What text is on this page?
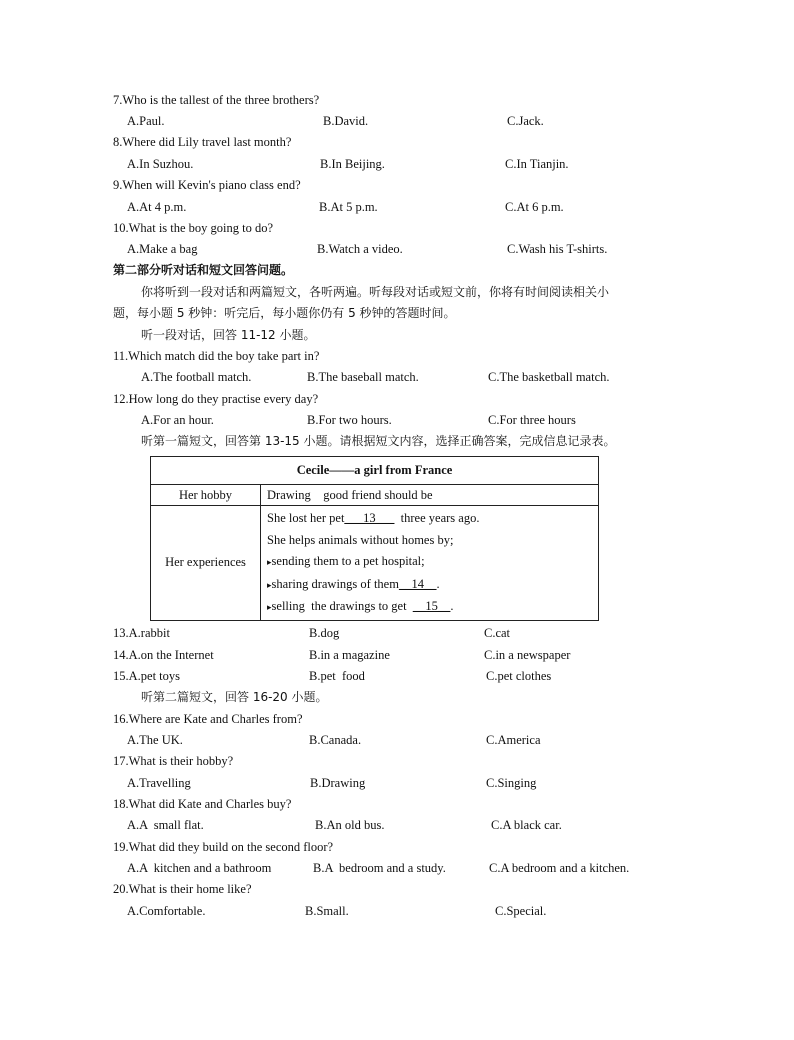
7.Who is the tallest of the three brothers?
A.Paul.	B.David.	C.Jack.
8.Where did Lily travel last month?
A.In Suzhou.	B.In Beijing.	C.In Tianjin.
9.When will Kevin's piano class end?
A.At 4 p.m.	B.At 5 p.m.	C.At 6 p.m.
10.What is the boy going to do?
A.Make a bag	B.Watch a video.	C.Wash his T-shirts.
第二部分听对话和短文回答问题。
你将听到一段对话和两篇短文，各听两遍。听每段对话或短文前，你将有时间阅读相关小
题，每小题 5 秒钟：听完后，每小题你仍有 5 秒钟的答题时间。
听一段对话，回答 11-12 小题。
11.Which match did the boy take part in?
A.The football match.	B.The baseball match.	C.The basketball match.
12.How long do they practise every day?
A.For an hour.	B.For two hours.	C.For three hours
听第一篇短文，回答第 13-15 小题。请根据短文内容，选择正确答案，完成信息记录表。
Cecile——a girl from France	
Her hobby	Drawing    good friend should be
Her experiences	She lost her pet___13___  three years ago.
She helps animals without homes by;
▸sending them to a pet hospital;
▸sharing drawings of them__14__.
▸selling  the drawings to get  __15__.
13.A.rabbit	B.dog	C.cat
14.A.on the Internet	B.in a magazine	C.in a newspaper
15.A.pet toys	B.pet  food	C.pet clothes
听第二篇短文，回答 16-20 小题。
16.Where are Kate and Charles from?
A.The UK.	B.Canada.	C.America
17.What is their hobby?
A.Travelling	B.Drawing	C.Singing
18.What did Kate and Charles buy?
A.A  small flat.	B.An old bus.	C.A black car.
19.What did they build on the second floor?
A.A  kitchen and a bathroom	B.A  bedroom and a study.	C.A bedroom and a kitchen.
20.What is their home like?
A.Comfortable.	B.Small.	C.Special.
